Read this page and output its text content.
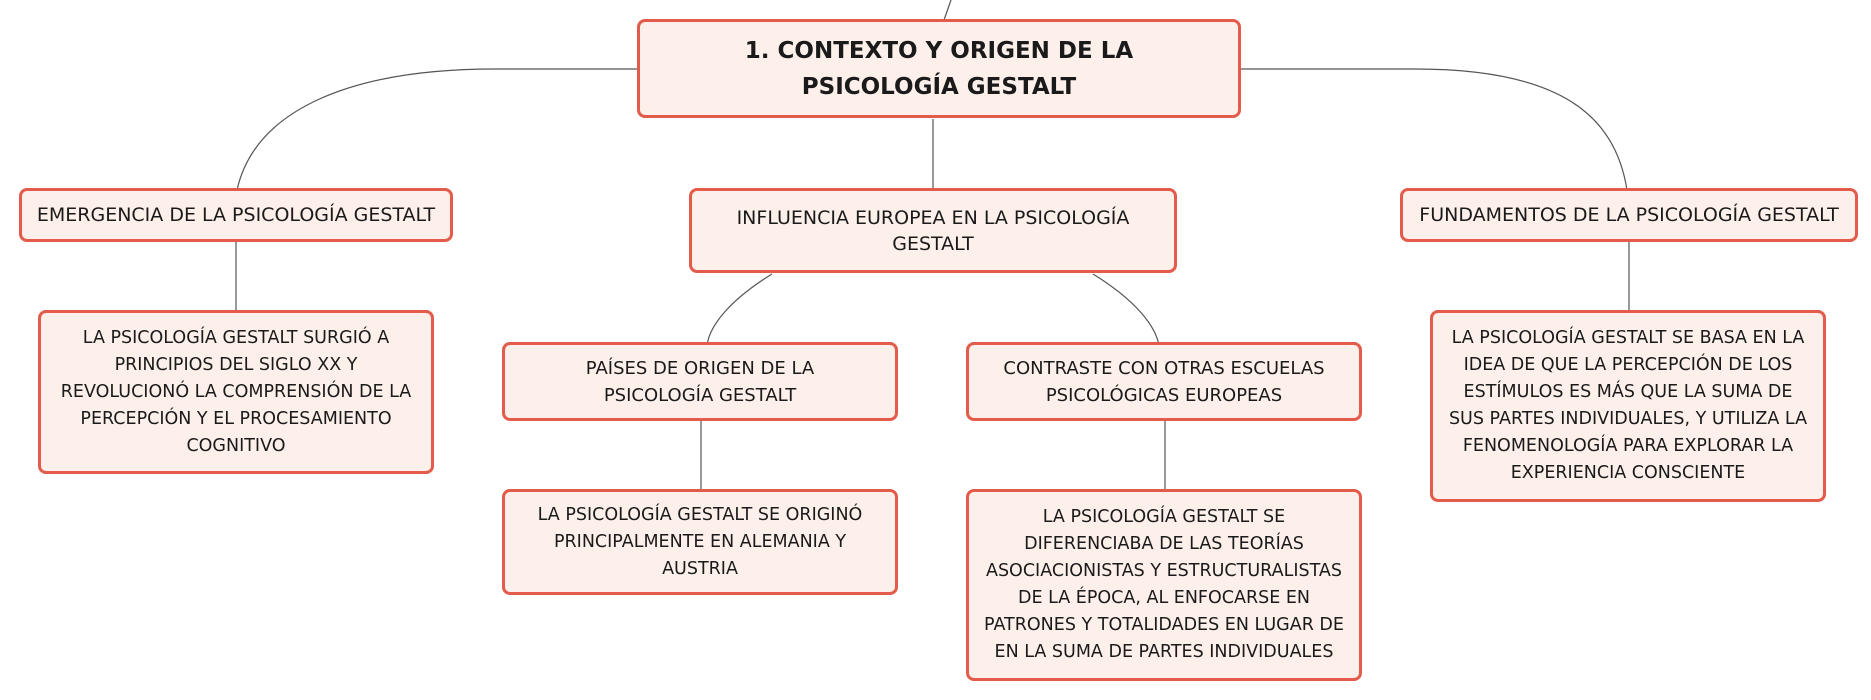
1. CONTEXTO Y ORIGEN DE LA PSICOLOGÍA GESTALT
EMERGENCIA DE LA PSICOLOGÍA GESTALT	INFLUENCIA EUROPEA EN LA PSICOLOGÍA GESTALT
FUNDAMENTOS DE LA PSICOLOGÍA GESTALT
LA PSICOLOGÍA GESTALT SURGIÓ A PRINCIPIOS DEL SIGLO XX Y REVOLUCIONÓ LA COMPRENSIÓN DE LA PERCEPCIÓN Y EL PROCESAMIENTO COGNITIVO
PAÍSES DE ORIGEN DE LA PSICOLOGÍA GESTALT
CONTRASTE CON OTRAS ESCUELAS PSICOLÓGICAS EUROPEAS
LA PSICOLOGÍA GESTALT SE ORIGINÓ PRINCIPALMENTE EN ALEMANIA Y AUSTRIA
LA PSICOLOGÍA GESTALT SE DIFERENCIABA DE LAS TEORÍAS ASOCIACIONISTAS Y ESTRUCTURALISTAS DE LA ÉPOCA, AL ENFOCARSE EN PATRONES Y TOTALIDADES EN LUGAR DE EN LA SUMA DE PARTES INDIVIDUALES
LA PSICOLOGÍA GESTALT SE BASA EN LA IDEA DE QUE LA PERCEPCIÓN DE LOS ESTÍMULOS ES MÁS QUE LA SUMA DE SUS PARTES INDIVIDUALES, Y UTILIZA LA FENOMENOLOGÍA PARA EXPLORAR LA EXPERIENCIA CONSCIENTE
